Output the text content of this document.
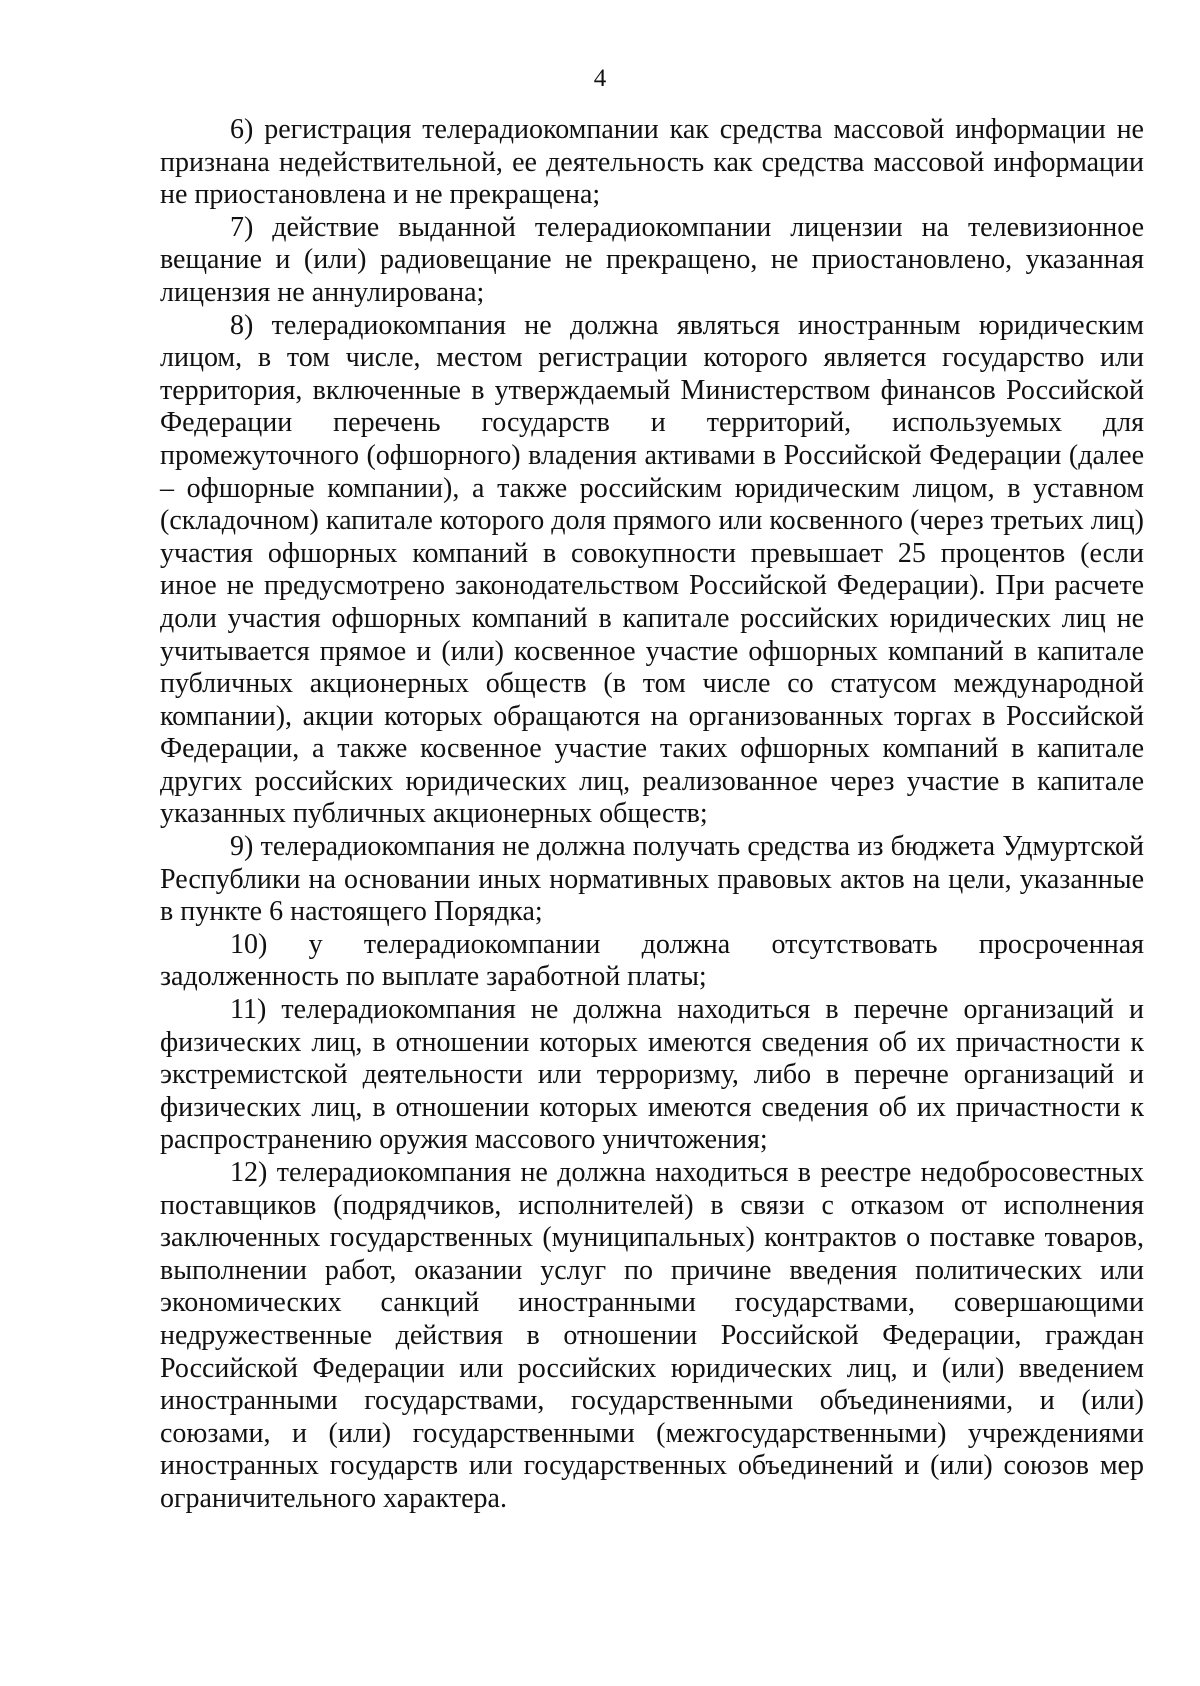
4

6) регистрация телерадиокомпании как средства массовой информации не признана недействительной, ее деятельность как средства массовой информации не приостановлена и не прекращена;

7) действие выданной телерадиокомпании лицензии на телевизионное вещание и (или) радиовещание не прекращено, не приостановлено, указанная лицензия не аннулирована;

8) телерадиокомпания не должна являться иностранным юридическим лицом, в том числе, местом регистрации которого является государство или территория, включенные в утверждаемый Министерством финансов Российской Федерации перечень государств и территорий, используемых для промежуточного (офшорного) владения активами в Российской Федерации (далее – офшорные компании), а также российским юридическим лицом, в уставном (складочном) капитале которого доля прямого или косвенного (через третьих лиц) участия офшорных компаний в совокупности превышает 25 процентов (если иное не предусмотрено законодательством Российской Федерации). При расчете доли участия офшорных компаний в капитале российских юридических лиц не учитывается прямое и (или) косвенное участие офшорных компаний в капитале публичных акционерных обществ (в том числе со статусом международной компании), акции которых обращаются на организованных торгах в Российской Федерации, а также косвенное участие таких офшорных компаний в капитале других российских юридических лиц, реализованное через участие в капитале указанных публичных акционерных обществ;

9) телерадиокомпания не должна получать средства из бюджета Удмуртской Республики на основании иных нормативных правовых актов на цели, указанные в пункте 6 настоящего Порядка;

10) у телерадиокомпании должна отсутствовать просроченная задолженность по выплате заработной платы;

11) телерадиокомпания не должна находиться в перечне организаций и физических лиц, в отношении которых имеются сведения об их причастности к экстремистской деятельности или терроризму, либо в перечне организаций и физических лиц, в отношении которых имеются сведения об их причастности к распространению оружия массового уничтожения;

12) телерадиокомпания не должна находиться в реестре недобросовестных поставщиков (подрядчиков, исполнителей) в связи с отказом от исполнения заключенных государственных (муниципальных) контрактов о поставке товаров, выполнении работ, оказании услуг по причине введения политических или экономических санкций иностранными государствами, совершающими недружественные действия в отношении Российской Федерации, граждан Российской Федерации или российских юридических лиц, и (или) введением иностранными государствами, государственными объединениями, и (или) союзами, и (или) государственными (межгосударственными) учреждениями иностранных государств или государственных объединений и (или) союзов мер ограничительного характера.
